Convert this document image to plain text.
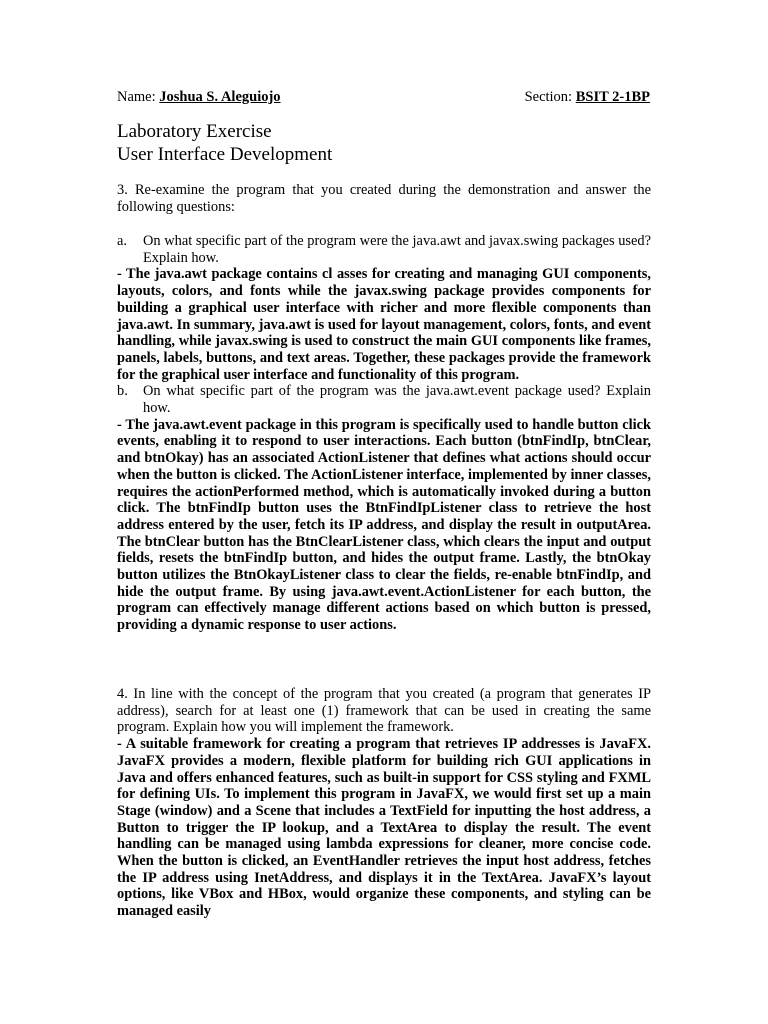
Name: Joshua S. Aleguiojo	Section: BSIT 2-1BP
Laboratory Exercise
User Interface Development
3. Re-examine the program that you created during the demonstration and answer the following questions:
a. On what specific part of the program were the java.awt and javax.swing packages used? Explain how.
- The java.awt package contains cl asses for creating and managing GUI components, layouts, colors, and fonts while the javax.swing package provides components for building a graphical user interface with richer and more flexible components than java.awt. In summary, java.awt is used for layout management, colors, fonts, and event handling, while javax.swing is used to construct the main GUI components like frames, panels, labels, buttons, and text areas. Together, these packages provide the framework for the graphical user interface and functionality of this program.
b. On what specific part of the program was the java.awt.event package used? Explain how.
- The java.awt.event package in this program is specifically used to handle button click events, enabling it to respond to user interactions. Each button (btnFindIp, btnClear, and btnOkay) has an associated ActionListener that defines what actions should occur when the button is clicked. The ActionListener interface, implemented by inner classes, requires the actionPerformed method, which is automatically invoked during a button click. The btnFindIp button uses the BtnFindIpListener class to retrieve the host address entered by the user, fetch its IP address, and display the result in outputArea. The btnClear button has the BtnClearListener class, which clears the input and output fields, resets the btnFindIp button, and hides the output frame. Lastly, the btnOkay button utilizes the BtnOkayListener class to clear the fields, re-enable btnFindIp, and hide the output frame. By using java.awt.event.ActionListener for each button, the program can effectively manage different actions based on which button is pressed, providing a dynamic response to user actions.
4. In line with the concept of the program that you created (a program that generates IP address), search for at least one (1) framework that can be used in creating the same program. Explain how you will implement the framework.
- A suitable framework for creating a program that retrieves IP addresses is JavaFX. JavaFX provides a modern, flexible platform for building rich GUI applications in Java and offers enhanced features, such as built-in support for CSS styling and FXML for defining UIs. To implement this program in JavaFX, we would first set up a main Stage (window) and a Scene that includes a TextField for inputting the host address, a Button to trigger the IP lookup, and a TextArea to display the result. The event handling can be managed using lambda expressions for cleaner, more concise code. When the button is clicked, an EventHandler retrieves the input host address, fetches the IP address using InetAddress, and displays it in the TextArea. JavaFX’s layout options, like VBox and HBox, would organize these components, and styling can be managed easily
